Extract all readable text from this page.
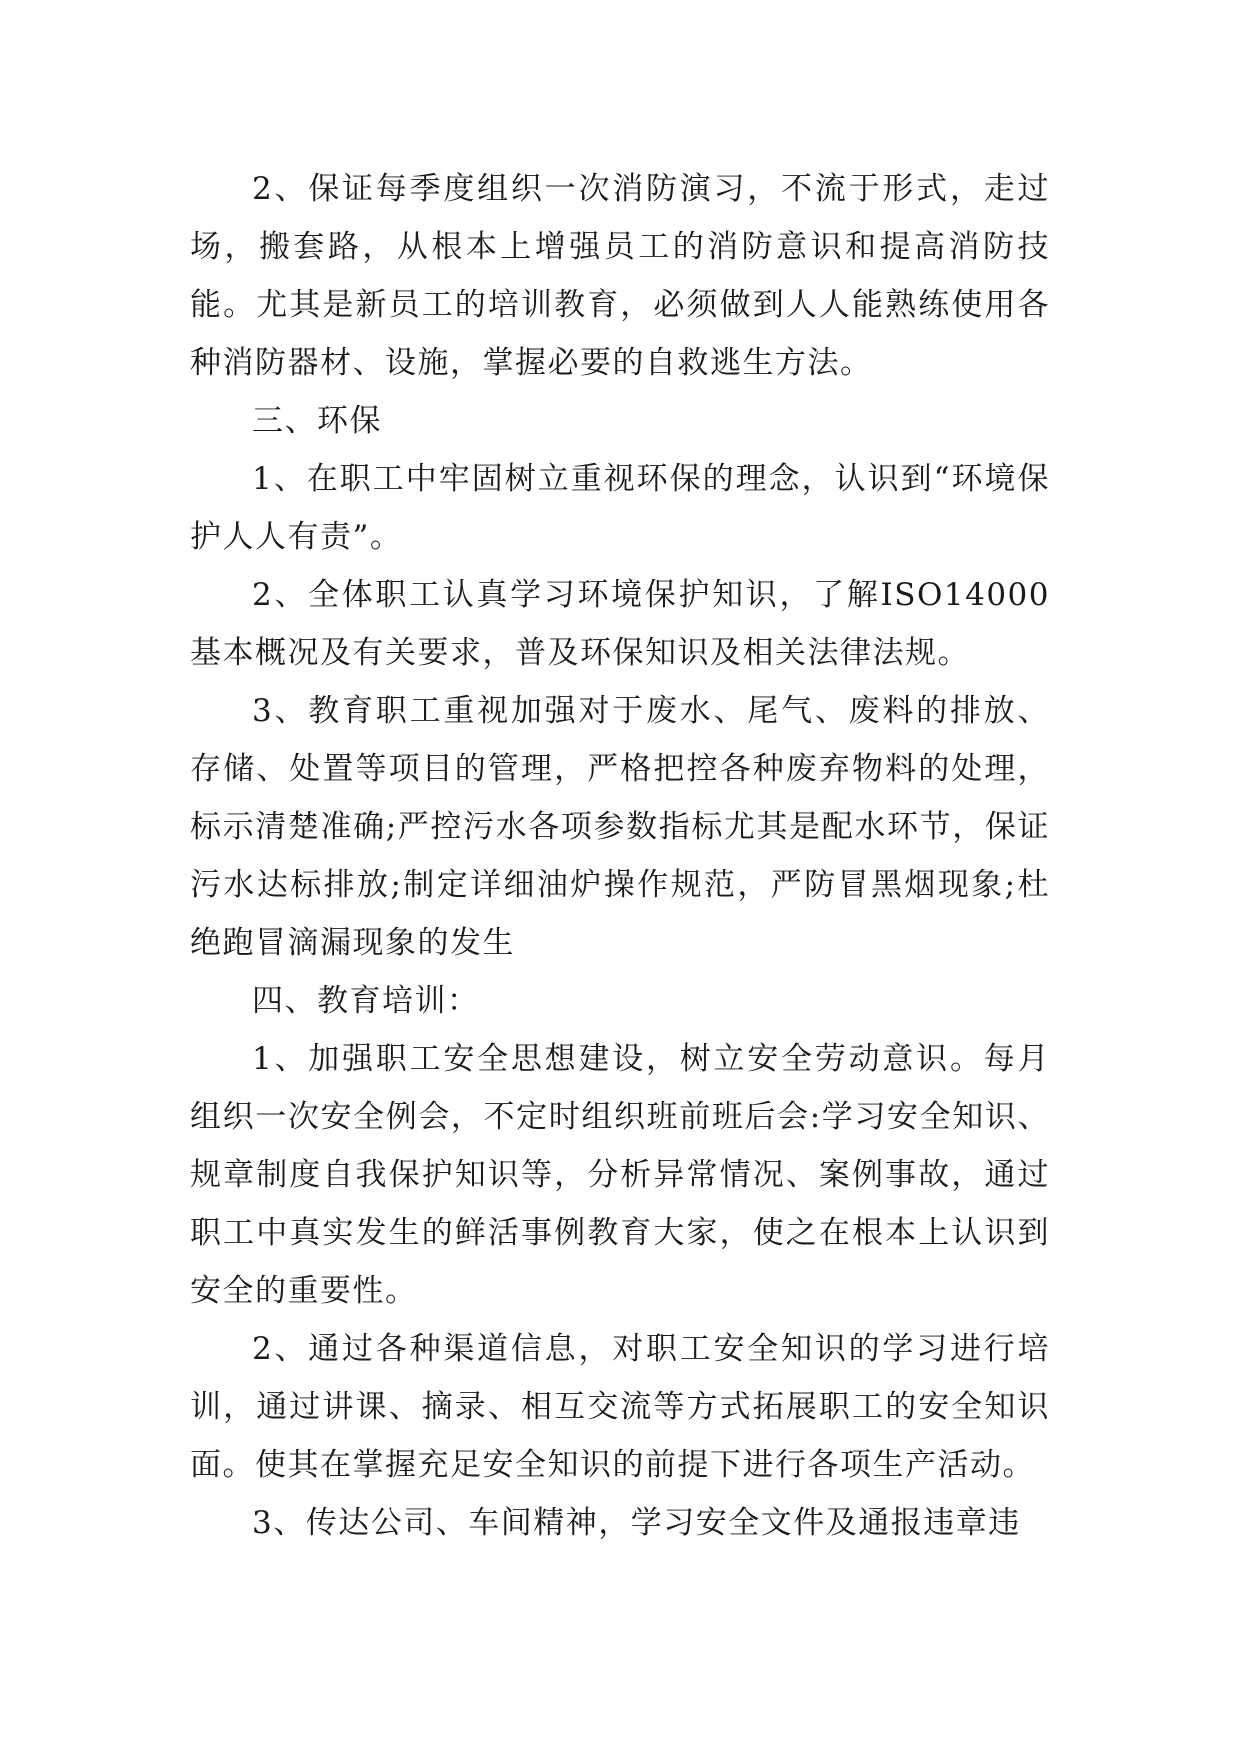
2、保证每季度组织一次消防演习，不流于形式，走过场，搬套路，从根本上增强员工的消防意识和提高消防技能。尤其是新员工的培训教育，必须做到人人能熟练使用各种消防器材、设施，掌握必要的自救逃生方法。

三、环保

1、在职工中牢固树立重视环保的理念，认识到“环境保护人人有责”。

2、全体职工认真学习环境保护知识，了解ISO14000基本概况及有关要求，普及环保知识及相关法律法规。

3、教育职工重视加强对于废水、尾气、废料的排放、存储、处置等项目的管理，严格把控各种废弃物料的处理，标示清楚准确;严控污水各项参数指标尤其是配水环节，保证污水达标排放;制定详细油炉操作规范，严防冒黑烟现象;杜绝跑冒滴漏现象的发生

四、教育培训：

1、加强职工安全思想建设，树立安全劳动意识。每月组织一次安全例会，不定时组织班前班后会:学习安全知识、规章制度自我保护知识等，分析异常情况、案例事故，通过职工中真实发生的鲜活事例教育大家，使之在根本上认识到安全的重要性。

2、通过各种渠道信息，对职工安全知识的学习进行培训，通过讲课、摘录、相互交流等方式拓展职工的安全知识面。使其在掌握充足安全知识的前提下进行各项生产活动。

3、传达公司、车间精神，学习安全文件及通报违章违
